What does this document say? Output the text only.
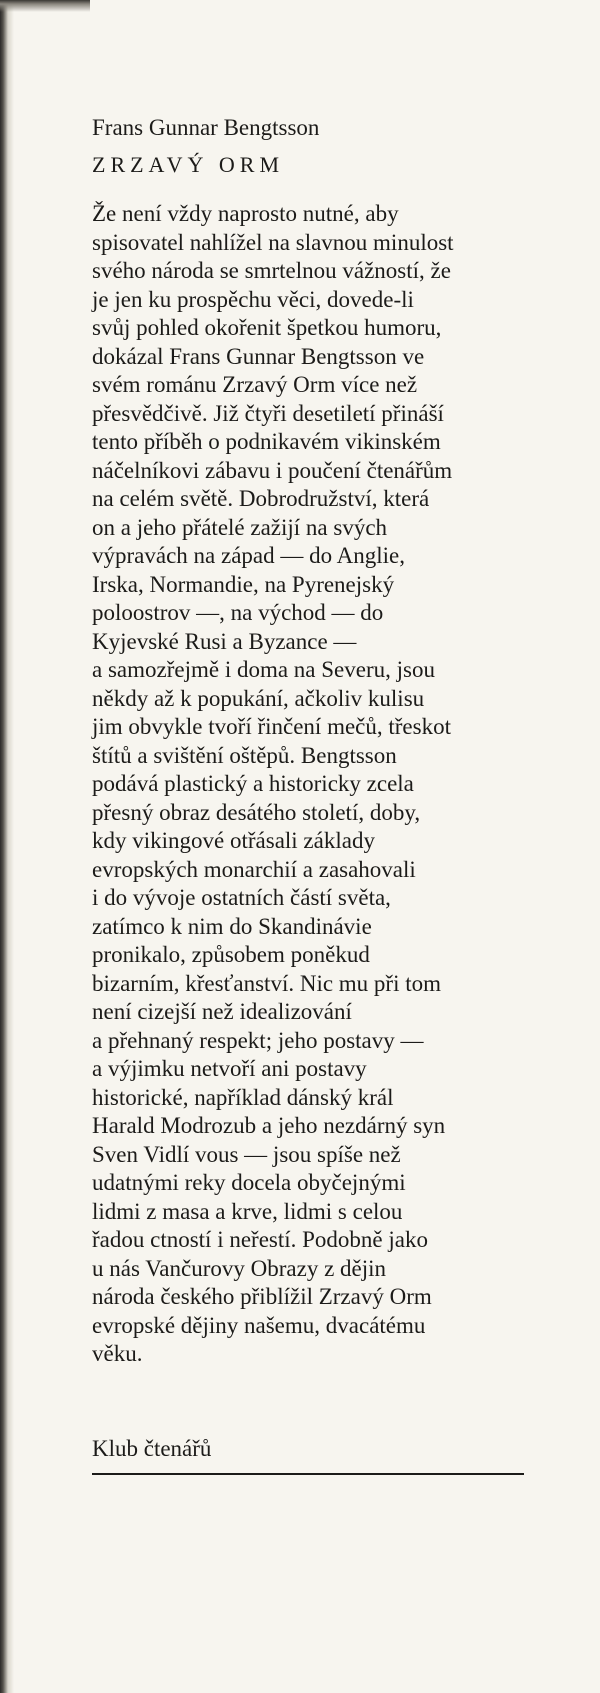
Frans Gunnar Bengtsson
ZRZAVÝ ORM
Že není vždy naprosto nutné, aby
spisovatel nahlížel na slavnou minulost
svého národa se smrtelnou vážností, že
je jen ku prospěchu věci, dovede-li
svůj pohled okořenit špetkou humoru,
dokázal Frans Gunnar Bengtsson ve
svém románu Zrzavý Orm více než
přesvědčivě. Již čtyři desetiletí přináší
tento příběh o podnikavém vikinském
náčelníkovi zábavu i poučení čtenářům
na celém světě. Dobrodružství, která
on a jeho přátelé zažijí na svých
výpravách na západ — do Anglie,
Irska, Normandie, na Pyrenejský
poloostrov —, na východ — do
Kyjevské Rusi a Byzance —
a samozřejmě i doma na Severu, jsou
někdy až k popukání, ačkoliv kulisu
jim obvykle tvoří řinčení mečů, třeskot
štítů a svištění oštěpů. Bengtsson
podává plastický a historicky zcela
přesný obraz desátého století, doby,
kdy vikingové otřásali základy
evropských monarchií a zasahovali
i do vývoje ostatních částí světa,
zatímco k nim do Skandinávie
pronikalo, způsobem poněkud
bizarním, křesťanství. Nic mu při tom
není cizejší než idealizování
a přehnaný respekt; jeho postavy —
a výjimku netvoří ani postavy
historické, například dánský král
Harald Modrozub a jeho nezdárný syn
Sven Vidlí vous — jsou spíše než
udatnými reky docela obyčejnými
lidmi z masa a krve, lidmi s celou
řadou ctností i neřestí. Podobně jako
u nás Vančurovy Obrazy z dějin
národa českého přiblížil Zrzavý Orm
evropské dějiny našemu, dvacátému
věku.
Klub čtenářů
